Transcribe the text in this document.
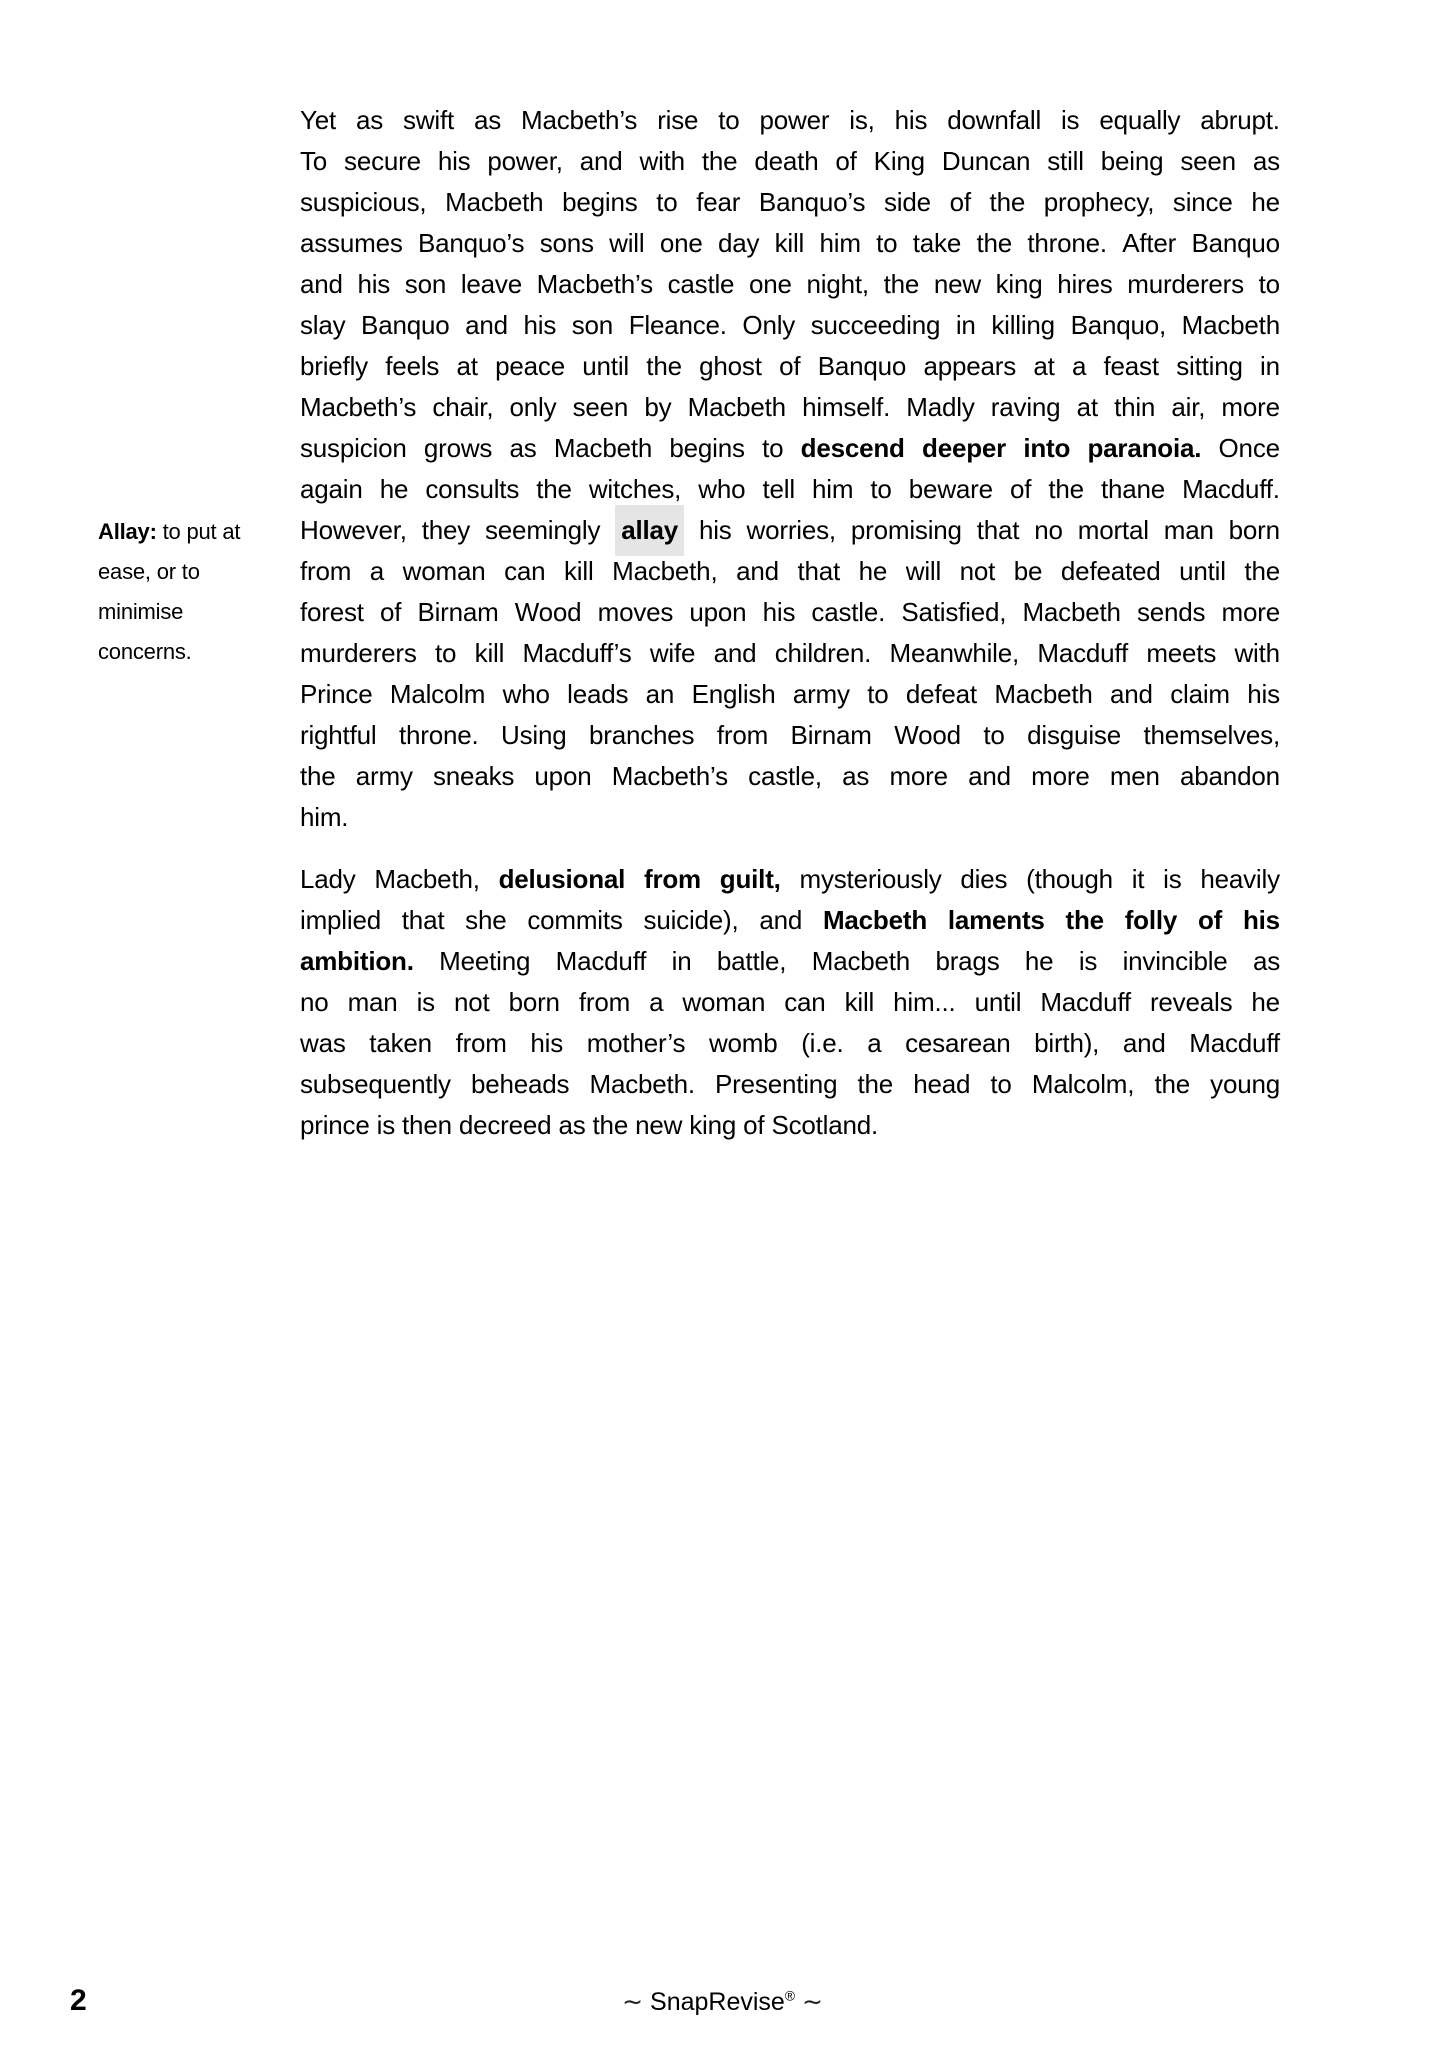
Allay: to put at
ease, or to
minimise
concerns.
Yet as swift as Macbeth’s rise to power is, his downfall is equally abrupt.
To secure his power, and with the death of King Duncan still being seen as
suspicious, Macbeth begins to fear Banquo’s side of the prophecy, since he
assumes Banquo’s sons will one day kill him to take the throne. After Banquo
and his son leave Macbeth’s castle one night, the new king hires murderers to
slay Banquo and his son Fleance. Only succeeding in killing Banquo, Macbeth
briefly feels at peace until the ghost of Banquo appears at a feast sitting in
Macbeth’s chair, only seen by Macbeth himself. Madly raving at thin air, more
suspicion grows as Macbeth begins to descend deeper into paranoia. Once
again he consults the witches, who tell him to beware of the thane Macduff.
However, they seemingly allay his worries, promising that no mortal man born
from a woman can kill Macbeth, and that he will not be defeated until the
forest of Birnam Wood moves upon his castle. Satisfied, Macbeth sends more
murderers to kill Macduff’s wife and children. Meanwhile, Macduff meets with
Prince Malcolm who leads an English army to defeat Macbeth and claim his
rightful throne. Using branches from Birnam Wood to disguise themselves,
the army sneaks upon Macbeth’s castle, as more and more men abandon
him.
Lady Macbeth, delusional from guilt, mysteriously dies (though it is heavily
implied that she commits suicide), and Macbeth laments the folly of his
ambition. Meeting Macduff in battle, Macbeth brags he is invincible as
no man is not born from a woman can kill him... until Macduff reveals he
was taken from his mother’s womb (i.e. a cesarean birth), and Macduff
subsequently beheads Macbeth. Presenting the head to Malcolm, the young
prince is then decreed as the new king of Scotland.
2	∼ SnapRevise® ∼
